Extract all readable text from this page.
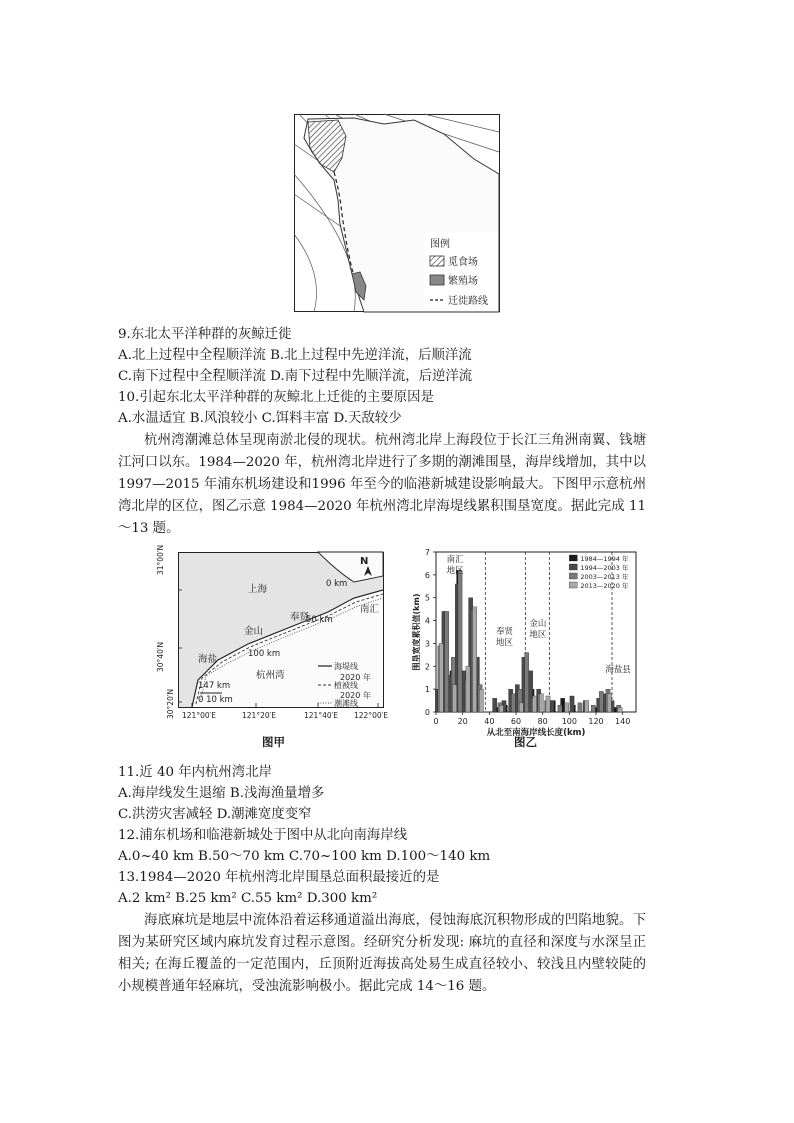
图例
觅食场
繁殖场
迁徙路线
9.东北太平洋种群的灰鲸迁徙
A.北上过程中全程顺洋流 B.北上过程中先逆洋流，后顺洋流
C.南下过程中全程顺洋流 D.南下过程中先顺洋流，后逆洋流
10.引起东北太平洋种群的灰鲸北上迁徙的主要原因是
A.水温适宜 B.风浪较小 C.饵料丰富 D.天敌较少
杭州湾潮滩总体呈现南淤北侵的现状。杭州湾北岸上海段位于长江三角洲南翼、钱塘江河口以东。1984—2020 年，杭州湾北岸进行了多期的潮滩围垦，海岸线增加，其中以 1997—2015 年浦东机场建设和1996 年至今的临港新城建设影响最大。下图甲示意杭州湾北岸的区位，图乙示意 1984—2020 年杭州湾北岸海堤线累积围垦宽度。据此完成 11～13 题。
N
上海
南汇
奉贤
金山
海盐
杭州湾
0 km
50 km
100 km
147 km
0 10 km
海堤线
2020 年
植被线
2020 年
潮滩线
121°00′E	121°20′E	121°40′E 122°00′E
31°00′N
30°40′N
30°20′N
图甲
0
1
2
3
4
5
6
7
0 20 40 60 80 100 120 140
从北至南海岸线长度(km)
围垦宽度累积值(km)
南汇
地区
奉贤
地区
金山
地区
海盐县
1984—1994 年
1994—2003 年
2003—2013 年
2013—2020 年
图乙
11.近 40 年内杭州湾北岸
A.海岸线发生退缩 B.浅海渔量增多
C.洪涝灾害减轻 D.潮滩宽度变窄
12.浦东机场和临港新城处于图中从北向南海岸线
A.0~40 km B.50～70 km C.70~100 km D.100～140 km
13.1984—2020 年杭州湾北岸围垦总面积最接近的是
A.2 km² B.25 km² C.55 km² D.300 km²
海底麻坑是地层中流体沿着运移通道溢出海底，侵蚀海底沉积物形成的凹陷地貌。下图为某研究区域内麻坑发育过程示意图。经研究分析发现: 麻坑的直径和深度与水深呈正相关; 在海丘覆盖的一定范围内，丘顶附近海拔高处易生成直径较小、较浅且内壁较陡的小规模普通年轻麻坑，受浊流影响极小。据此完成 14～16 题。
